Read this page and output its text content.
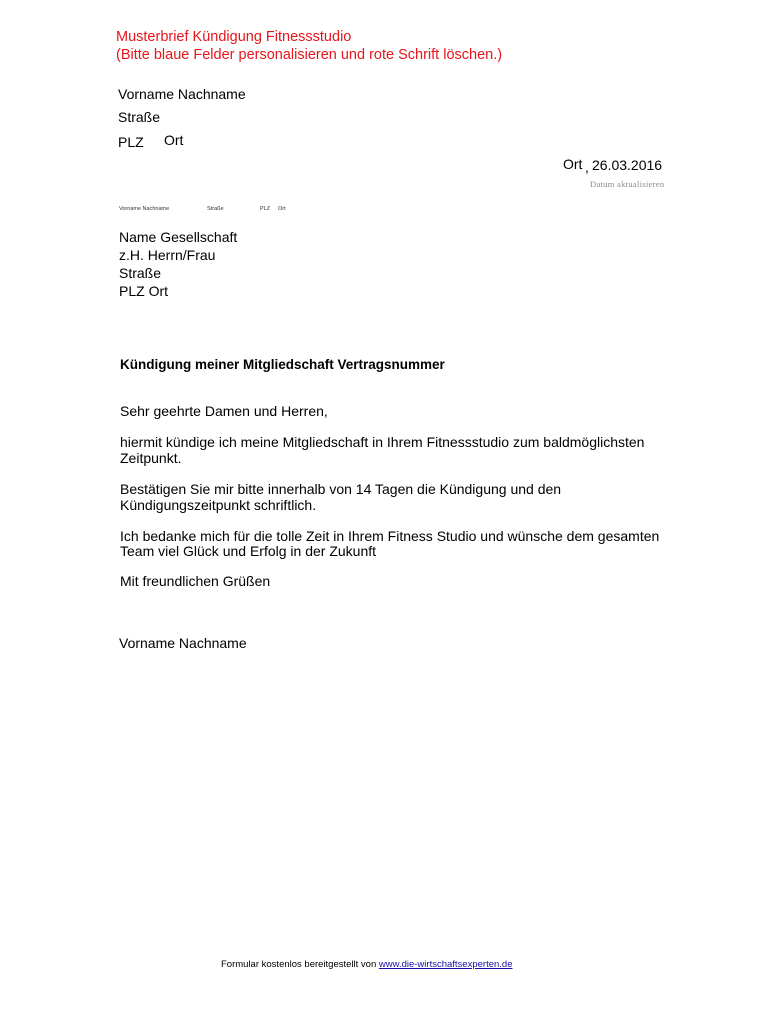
Musterbrief Kündigung Fitnessstudio
(Bitte blaue Felder personalisieren und rote Schrift löschen.)
Vorname Nachname
Straße
PLZ Ort
Ort , 26.03.2016
Datum aktualisieren
Vorname Nachname	Straße	PLZ Ort
Name Gesellschaft
z.H. Herrn/Frau
Straße
PLZ Ort
Kündigung meiner Mitgliedschaft Vertragsnummer
Sehr geehrte Damen und Herren,
hiermit kündige ich meine Mitgliedschaft in Ihrem Fitnessstudio zum baldmöglichsten
Zeitpunkt.
Bestätigen Sie mir bitte innerhalb von 14 Tagen die Kündigung und den
Kündigungszeitpunkt schriftlich.
Ich bedanke mich für die tolle Zeit in Ihrem Fitness Studio und wünsche dem gesamten
Team viel Glück und Erfolg in der Zukunft
Mit freundlichen Grüßen
Vorname Nachname
Formular kostenlos bereitgestellt von www.die-wirtschaftsexperten.de
